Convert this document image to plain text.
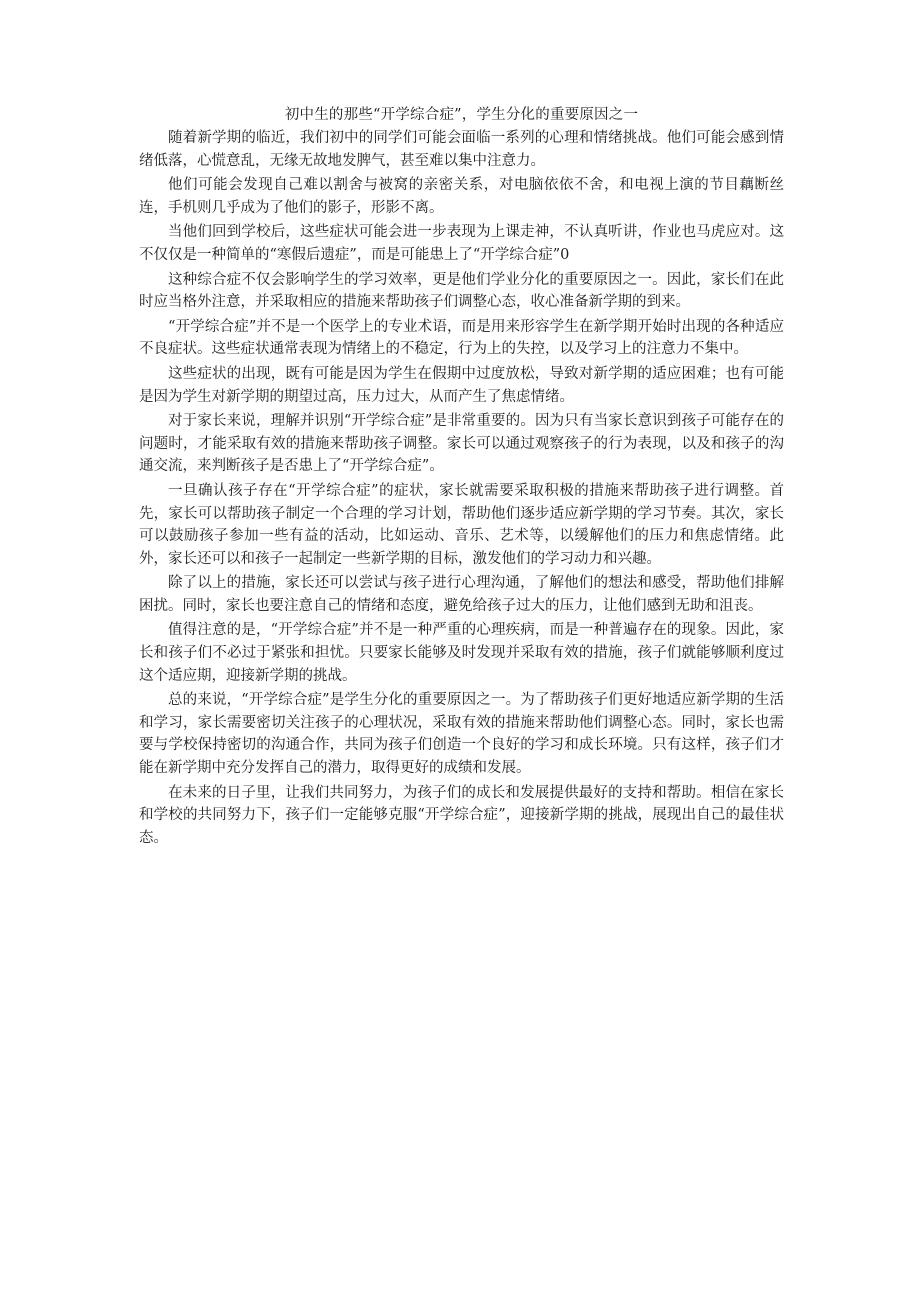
初中生的那些“开学综合症”，学生分化的重要原因之一

随着新学期的临近，我们初中的同学们可能会面临一系列的心理和情绪挑战。他们可能会感到情绪低落，心慌意乱，无缘无故地发脾气，甚至难以集中注意力。

他们可能会发现自己难以割舍与被窝的亲密关系，对电脑依依不舍，和电视上演的节目藕断丝连，手机则几乎成为了他们的影子，形影不离。

当他们回到学校后，这些症状可能会进一步表现为上课走神，不认真听讲，作业也马虎应对。这不仅仅是一种简单的“寒假后遗症”，而是可能患上了“开学综合症”0

这种综合症不仅会影响学生的学习效率，更是他们学业分化的重要原因之一。因此，家长们在此时应当格外注意，并采取相应的措施来帮助孩子们调整心态，收心准备新学期的到来。

“开学综合症”并不是一个医学上的专业术语，而是用来形容学生在新学期开始时出现的各种适应不良症状。这些症状通常表现为情绪上的不稳定，行为上的失控，以及学习上的注意力不集中。

这些症状的出现，既有可能是因为学生在假期中过度放松，导致对新学期的适应困难；也有可能是因为学生对新学期的期望过高，压力过大，从而产生了焦虑情绪。

对于家长来说，理解并识别“开学综合症”是非常重要的。因为只有当家长意识到孩子可能存在的问题时，才能采取有效的措施来帮助孩子调整。家长可以通过观察孩子的行为表现，以及和孩子的沟通交流，来判断孩子是否患上了“开学综合症”。

一旦确认孩子存在“开学综合症”的症状，家长就需要采取积极的措施来帮助孩子进行调整。首先，家长可以帮助孩子制定一个合理的学习计划，帮助他们逐步适应新学期的学习节奏。其次，家长可以鼓励孩子参加一些有益的活动，比如运动、音乐、艺术等，以缓解他们的压力和焦虑情绪。此外，家长还可以和孩子一起制定一些新学期的目标，激发他们的学习动力和兴趣。

除了以上的措施，家长还可以尝试与孩子进行心理沟通，了解他们的想法和感受，帮助他们排解困扰。同时，家长也要注意自己的情绪和态度，避免给孩子过大的压力，让他们感到无助和沮丧。

值得注意的是，“开学综合症”并不是一种严重的心理疾病，而是一种普遍存在的现象。因此，家长和孩子们不必过于紧张和担忧。只要家长能够及时发现并采取有效的措施，孩子们就能够顺利度过这个适应期，迎接新学期的挑战。

总的来说，“开学综合症”是学生分化的重要原因之一。为了帮助孩子们更好地适应新学期的生活和学习，家长需要密切关注孩子的心理状况，采取有效的措施来帮助他们调整心态。同时，家长也需要与学校保持密切的沟通合作，共同为孩子们创造一个良好的学习和成长环境。只有这样，孩子们才能在新学期中充分发挥自己的潜力，取得更好的成绩和发展。

在未来的日子里，让我们共同努力，为孩子们的成长和发展提供最好的支持和帮助。相信在家长和学校的共同努力下，孩子们一定能够克服“开学综合症”，迎接新学期的挑战，展现出自己的最佳状态。
